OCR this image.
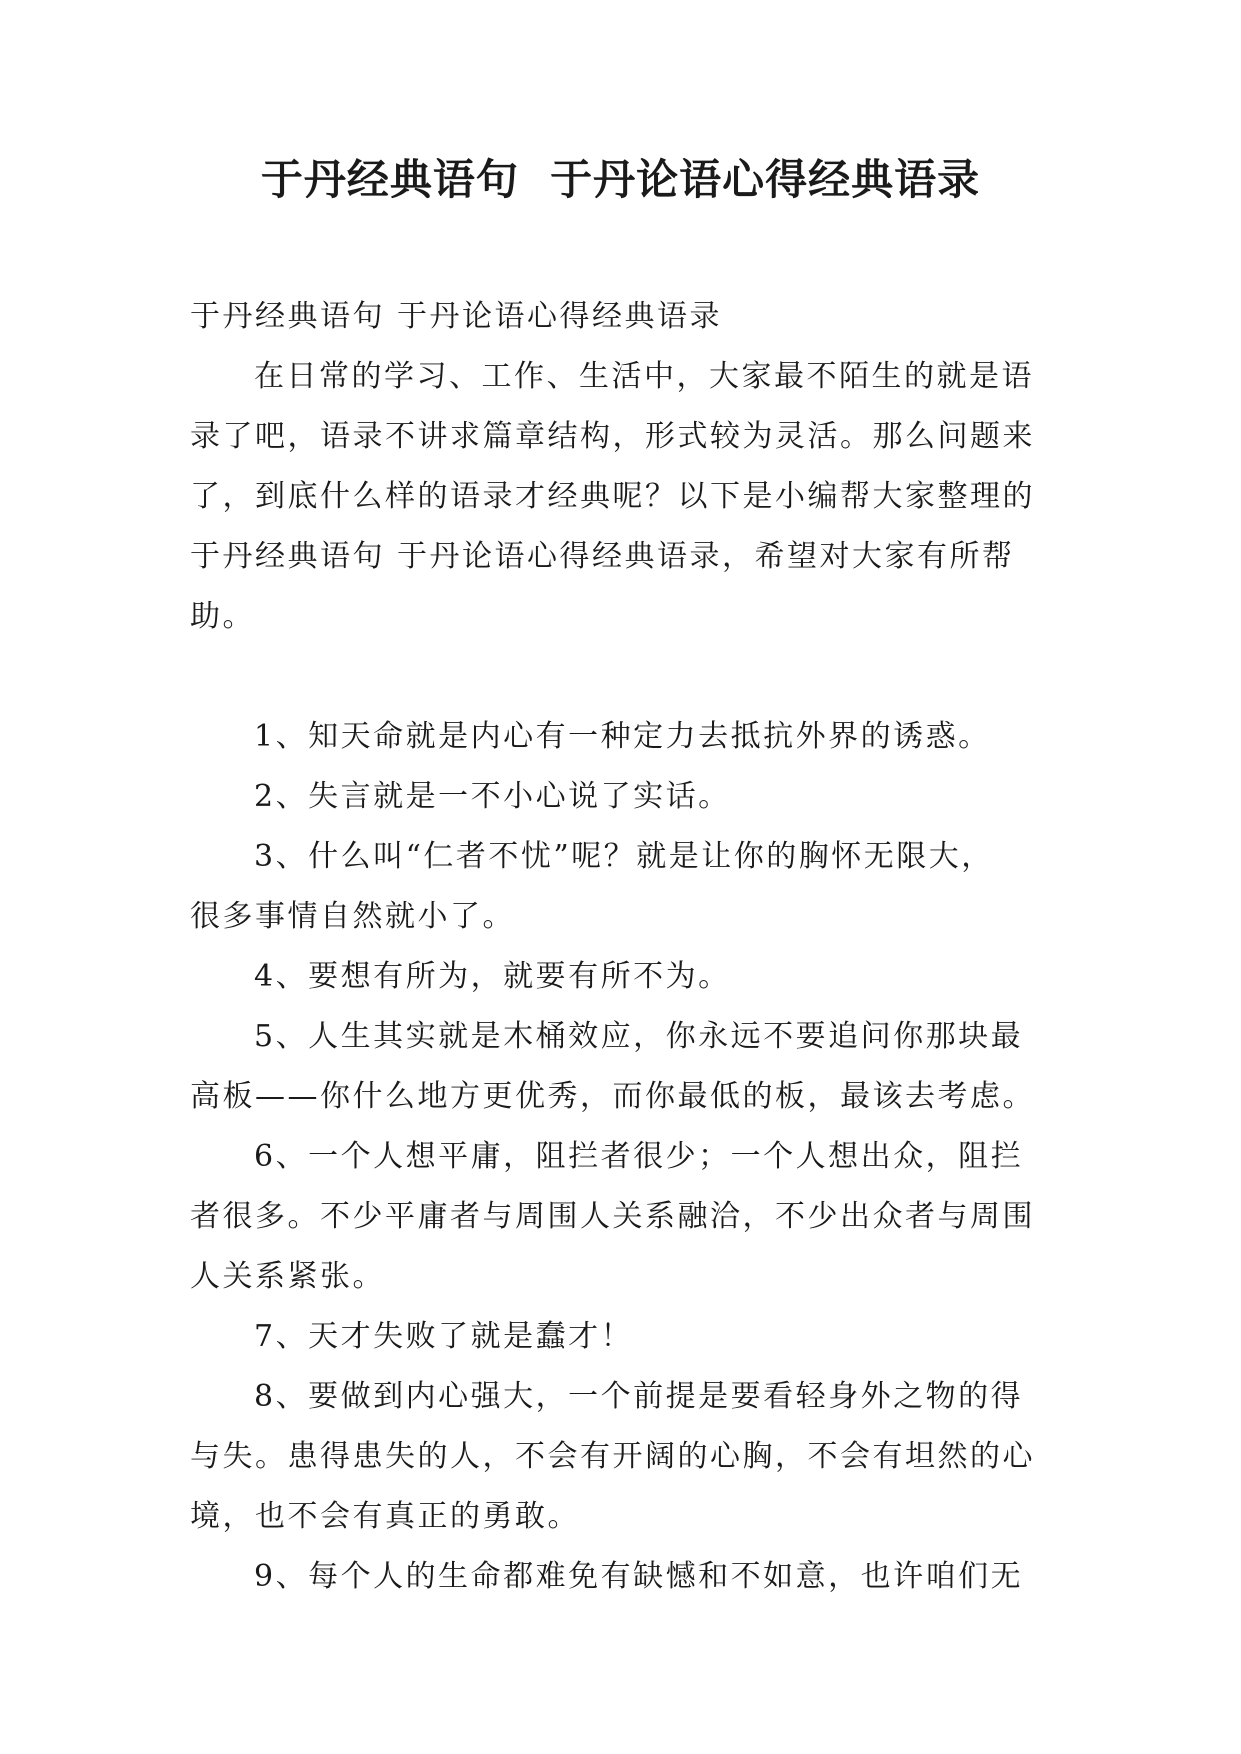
于丹经典语句  于丹论语心得经典语录
于丹经典语句 于丹论语心得经典语录
在日常的学习、工作、生活中，大家最不陌生的就是语
录了吧，语录不讲求篇章结构，形式较为灵活。那么问题来
了，到底什么样的语录才经典呢？以下是小编帮大家整理的
于丹经典语句 于丹论语心得经典语录，希望对大家有所帮
助。
1、知天命就是内心有一种定力去抵抗外界的诱惑。
2、失言就是一不小心说了实话。
3、什么叫“仁者不忧”呢？就是让你的胸怀无限大，
很多事情自然就小了。
4、要想有所为，就要有所不为。
5、人生其实就是木桶效应，你永远不要追问你那块最
高板——你什么地方更优秀，而你最低的板，最该去考虑。
6、一个人想平庸，阻拦者很少；一个人想出众，阻拦
者很多。不少平庸者与周围人关系融洽，不少出众者与周围
人关系紧张。
7、天才失败了就是蠢才！
8、要做到内心强大，一个前提是要看轻身外之物的得
与失。患得患失的人，不会有开阔的心胸，不会有坦然的心
境，也不会有真正的勇敢。
9、每个人的生命都难免有缺憾和不如意，也许咱们无
